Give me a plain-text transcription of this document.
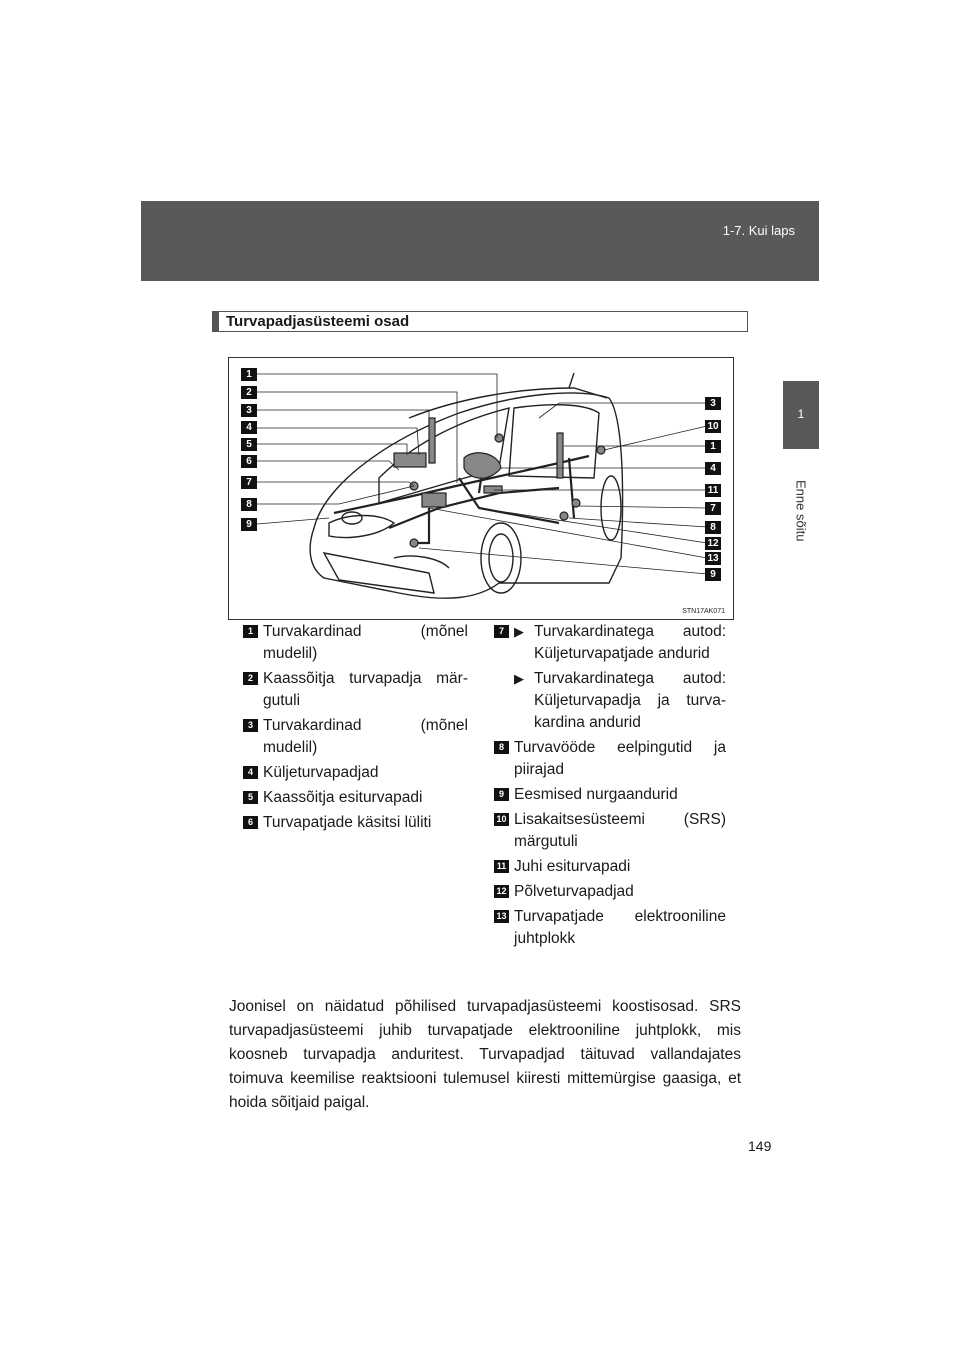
1-7. Kui laps
1
Enne sõitu
Turvapadjasüsteemi osad
1
2
3
4
5
6
7
8
9
3
10
1
4
11
7
8
12
13
9
STN17AK071
1 Turvakardinad (mõnel mudelil)
2 Kaassõitja turvapadja märgutuli
3 Turvakardinad (mõnel mudelil)
4 Küljeturvapadjad
5 Kaassõitja esiturvapadi
6 Turvapatjade käsitsi lüliti
7 ▶ Turvakardinatega autod: Küljeturvapatjade andurid
▶ Turvakardinatega autod: Küljeturvapadja ja turvakardina andurid
8 Turvavööde eelpingutid ja piirajad
9 Eesmised nurgaandurid
10 Lisakaitsesüsteemi (SRS) märgutuli
11 Juhi esiturvapadi
12 Põlveturvapadjad
13 Turvapatjade elektrooniline juhtplokk
Joonisel on näidatud põhilised turvapadjasüsteemi koostisosad. SRS turvapadjasüsteemi juhib turvapatjade elektrooniline juhtplokk, mis koosneb turvapadja anduritest. Turvapadjad täituvad vallandajates toimuva keemilise reaktsiooni tulemusel kiiresti mittemürgise gaasiga, et hoida sõitjaid paigal.
149
